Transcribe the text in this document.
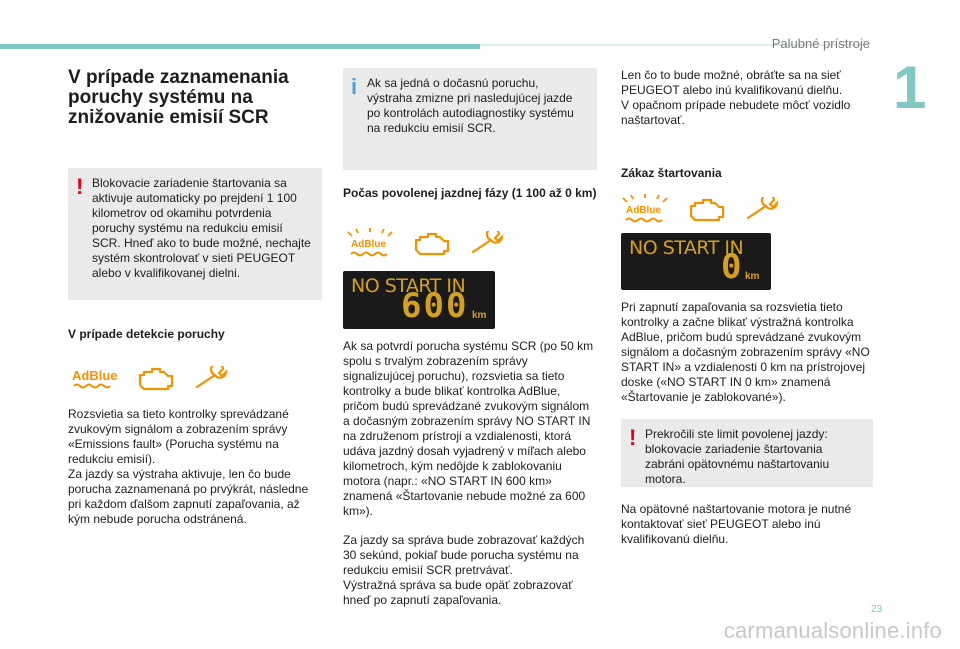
Palubné prístroje
1
V prípade zaznamenania poruchy systému na znižovanie emisií SCR
! Blokovacie zariadenie štartovania sa aktivuje automaticky po prejdení 1 100 kilometrov od okamihu potvrdenia poruchy systému na redukciu emisií SCR. Hneď ako to bude možné, nechajte systém skontrolovať v sieti PEUGEOT alebo v kvalifikovanej dielni.
V prípade detekcie poruchy
AdBlue
Rozsvietia sa tieto kontrolky sprevádzané zvukovým signálom a zobrazením správy «Emissions fault» (Porucha systému na redukciu emisií).
Za jazdy sa výstraha aktivuje, len čo bude porucha zaznamenaná po prvýkrát, následne pri každom ďalšom zapnutí zapaľovania, až kým nebude porucha odstránená.
i Ak sa jedná o dočasnú poruchu, výstraha zmizne pri nasledujúcej jazde po kontrolách autodiagnostiky systému na redukciu emisií SCR.
Počas povolenej jazdnej fázy (1 100 až 0 km)
AdBlue
NO START IN
600 km
Ak sa potvrdí porucha systému SCR (po 50 km spolu s trvalým zobrazením správy signalizujúcej poruchu), rozsvietia sa tieto kontrolky a bude blikať kontrolka AdBlue, pričom budú sprevádzané zvukovým signálom a dočasným zobrazením správy NO START IN na združenom prístroji a vzdialenosti, ktorá udáva jazdný dosah vyjadrený v míľach alebo kilometroch, kým nedôjde k zablokovaniu motora (napr.: «NO START IN 600 km» znamená «Štartovanie nebude možné za 600 km»).
Za jazdy sa správa bude zobrazovať každých 30 sekúnd, pokiaľ bude porucha systému na redukciu emisií SCR pretrvávať.
Výstražná správa sa bude opäť zobrazovať hneď po zapnutí zapaľovania.
Len čo to bude možné, obráťte sa na sieť PEUGEOT alebo inú kvalifikovanú dielňu.
V opačnom prípade nebudete môcť vozidlo naštartovať.
Zákaz štartovania
AdBlue
NO START IN
0 km
Pri zapnutí zapaľovania sa rozsvietia tieto kontrolky a začne blikať výstražná kontrolka AdBlue, pričom budú sprevádzané zvukovým signálom a dočasným zobrazením správy «NO START IN» a vzdialenosti 0 km na prístrojovej doske («NO START IN 0 km» znamená «Štartovanie je zablokované»).
! Prekročili ste limit povolenej jazdy: blokovacie zariadenie štartovania zabráni opätovnému naštartovaniu motora.
Na opätovné naštartovanie motora je nutné kontaktovať sieť PEUGEOT alebo inú kvalifikovanú dielňu.
23
carmanualsonline.info
